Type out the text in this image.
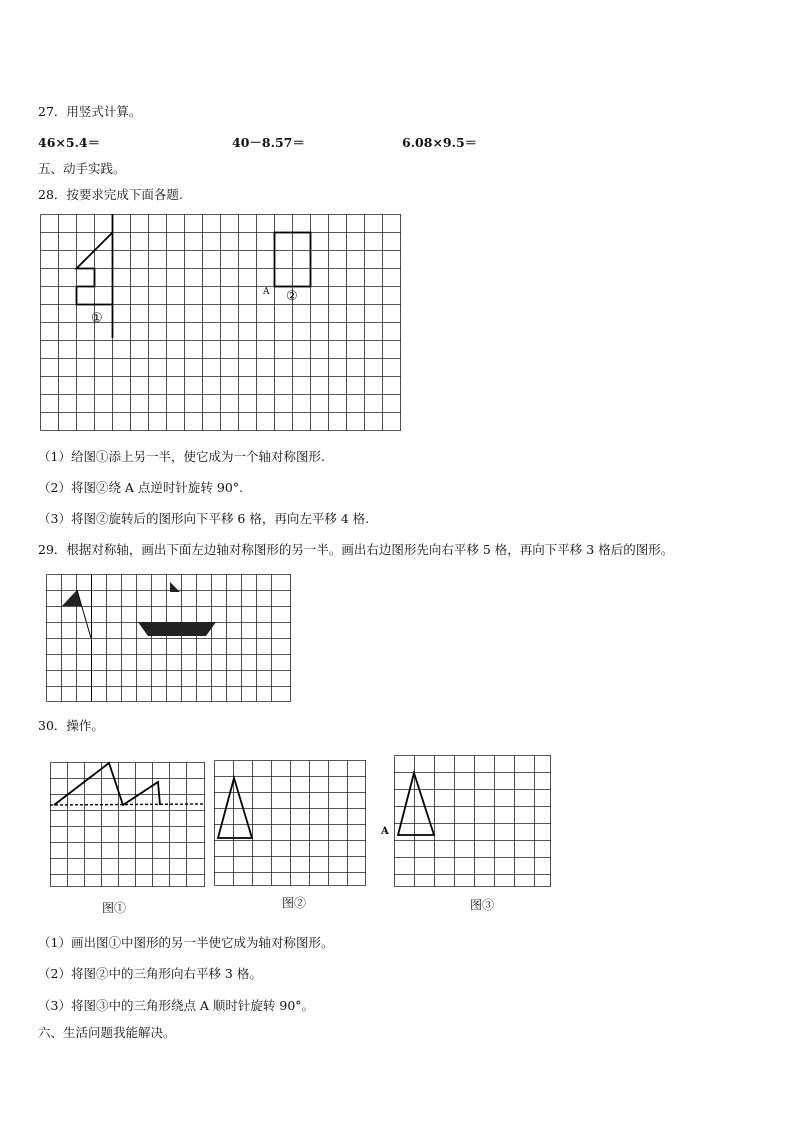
27．用竖式计算。
46×5.4＝	40－8.57＝	6.08×9.5＝
五、动手实践。
28．按要求完成下面各题.
①
②
A
（1）给图①添上另一半，使它成为一个轴对称图形.
（2）将图②绕 A 点逆时针旋转 90°.
（3）将图②旋转后的图形向下平移 6 格，再向左平移 4 格.
29．根据对称轴，画出下面左边轴对称图形的另一半。画出右边图形先向右平移 5 格，再向下平移 3 格后的图形。
30．操作。
A
图①	图②	图③
（1）画出图①中图形的另一半使它成为轴对称图形。
（2）将图②中的三角形向右平移 3 格。
（3）将图③中的三角形绕点 A 顺时针旋转 90°。
六、生活问题我能解决。
